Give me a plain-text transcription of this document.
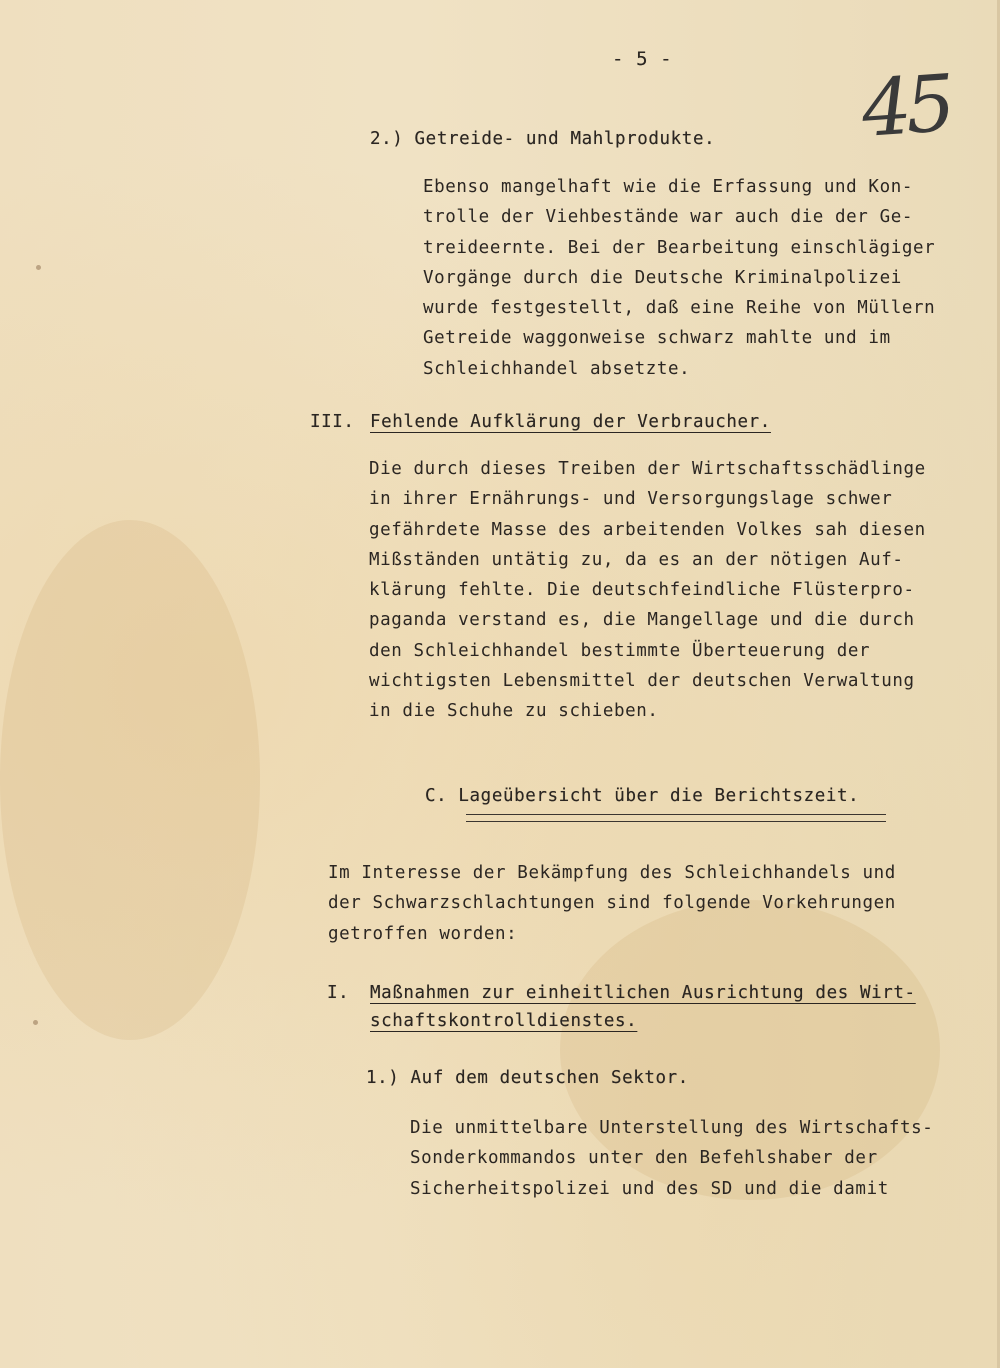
- 5 -
45
2.) Getreide- und Mahlprodukte.
Ebenso mangelhaft wie die Erfassung und Kon-
trolle der Viehbestände war auch die der Ge-
treideernte. Bei der Bearbeitung einschlägiger
Vorgänge durch die Deutsche Kriminalpolizei
wurde festgestellt, daß eine Reihe von Müllern
Getreide waggonweise schwarz mahlte und im
Schleichhandel absetzte.
III. Fehlende Aufklärung der Verbraucher.
Die durch dieses Treiben der Wirtschaftsschädlinge
in ihrer Ernährungs- und Versorgungslage schwer
gefährdete Masse des arbeitenden Volkes sah diesen
Mißständen untätig zu, da es an der nötigen Auf-
klärung fehlte. Die deutschfeindliche Flüsterpro-
paganda verstand es, die Mangellage und die durch
den Schleichhandel bestimmte Überteuerung der
wichtigsten Lebensmittel der deutschen Verwaltung
in die Schuhe zu schieben.
C. Lageübersicht über die Berichtszeit.
Im Interesse der Bekämpfung des Schleichhandels und
der Schwarzschlachtungen sind folgende Vorkehrungen
getroffen worden:
I. Maßnahmen zur einheitlichen Ausrichtung des Wirt-
schaftskontrolldienstes.
1.) Auf dem deutschen Sektor.
Die unmittelbare Unterstellung des Wirtschafts-
Sonderkommandos unter den Befehlshaber der
Sicherheitspolizei und des SD und die damit
